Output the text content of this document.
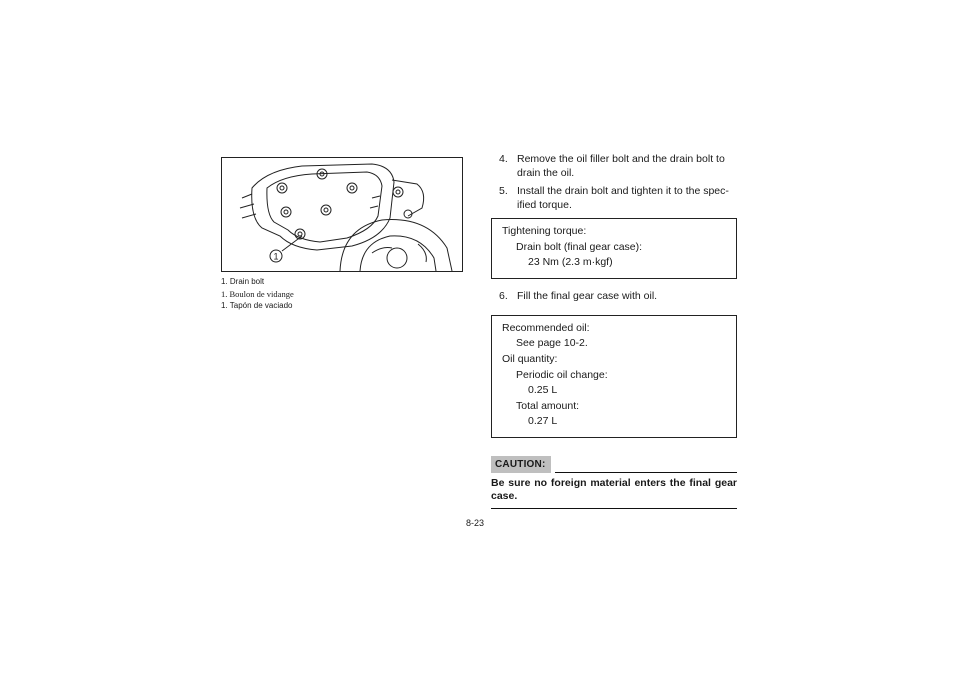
1
1. Drain bolt
1. Boulon de vidange
1. Tapón de vaciado
4. Remove the oil filler bolt and the drain bolt to drain the oil.
5. Install the drain bolt and tighten it to the spec-ified torque.
Tightening torque:
Drain bolt (final gear case):
23 Nm (2.3 m·kgf)
6. Fill the final gear case with oil.
Recommended oil:
See page 10-2.
Oil quantity:
Periodic oil change:
0.25 L
Total amount:
0.27 L
CAUTION:
Be sure no foreign material enters the final gear case.
8-23
